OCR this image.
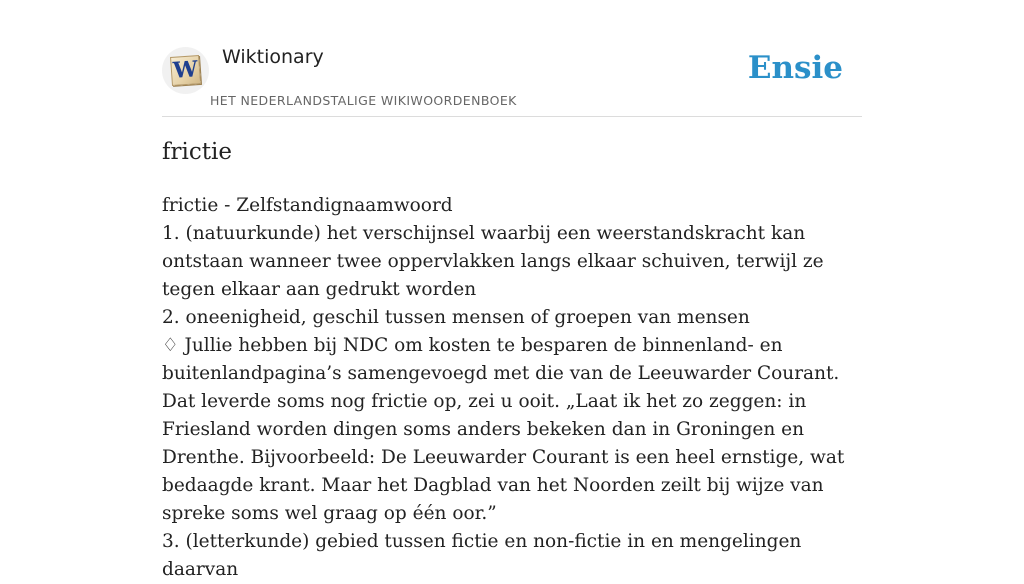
W Wiktionary
HET NEDERLANDSTALIGE WIKIWOORDENBOEK
Ensie
frictie

frictie - Zelfstandignaamwoord

1. (natuurkunde) het verschijnsel waarbij een weerstandskracht kan ontstaan wanneer twee oppervlakken langs elkaar schuiven, terwijl ze tegen elkaar aan gedrukt worden

2. oneenigheid, geschil tussen mensen of groepen van mensen

♢ Jullie hebben bij NDC om kosten te besparen de binnenland- en buitenlandpagina’s samengevoegd met die van de Leeuwarder Courant. Dat leverde soms nog frictie op, zei u ooit. „Laat ik het zo zeggen: in Friesland worden dingen soms anders bekeken dan in Groningen en Drenthe. Bijvoorbeeld: De Leeuwarder Courant is een heel ernstige, wat bedaagde krant. Maar het Dagblad van het Noorden zeilt bij wijze van spreke soms wel graag op één oor.”

3. (letterkunde) gebied tussen fictie en non-fictie in en mengelingen daarvan
